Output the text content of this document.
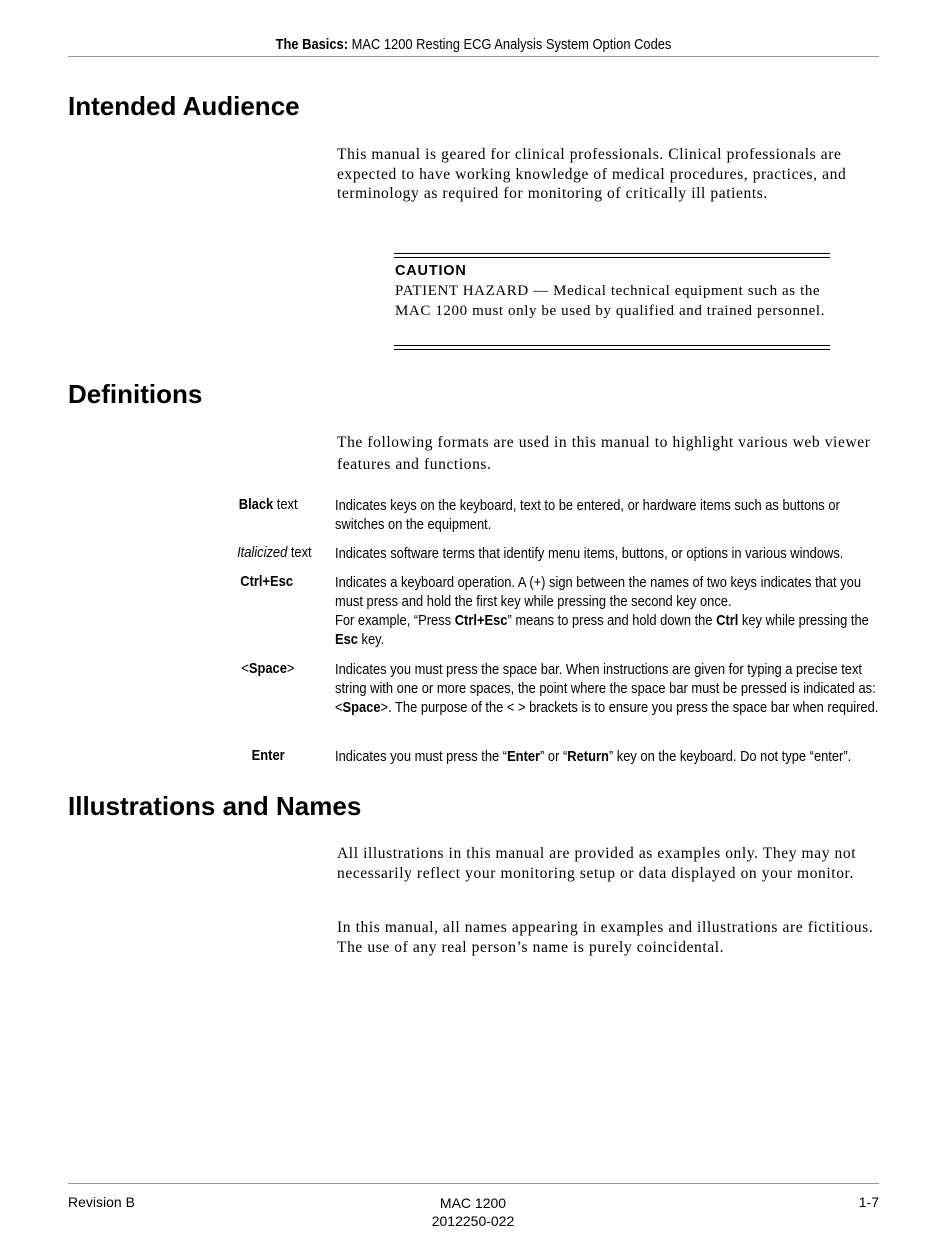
The Basics: MAC 1200 Resting ECG Analysis System Option Codes
Intended Audience

This manual is geared for clinical professionals. Clinical professionals are expected to have working knowledge of medical procedures, practices, and terminology as required for monitoring of critically ill patients.

CAUTION

PATIENT HAZARD — Medical technical equipment such as the MAC 1200 must only be used by qualified and trained personnel.

Definitions

The following formats are used in this manual to highlight various web viewer features and functions.

Black text	Indicates keys on the keyboard, text to be entered, or hardware items such as buttons or switches on the equipment.
Italicized text	Indicates software terms that identify menu items, buttons, or options in various windows.
Ctrl+Esc	Indicates a keyboard operation. A (+) sign between the names of two keys indicates that you must press and hold the first key while pressing the second key once.
For example, “Press Ctrl+Esc” means to press and hold down the Ctrl key while pressing the Esc key.
<Space>	Indicates you must press the space bar. When instructions are given for typing a precise text string with one or more spaces, the point where the space bar must be pressed is indicated as: <Space>. The purpose of the < > brackets is to ensure you press the space bar when required.
Enter	Indicates you must press the “Enter” or “Return” key on the keyboard. Do not type “enter”.
Illustrations and Names

All illustrations in this manual are provided as examples only. They may not necessarily reflect your monitoring setup or data displayed on your monitor.

In this manual, all names appearing in examples and illustrations are fictitious. The use of any real person’s name is purely coincidental.

Revision B	MAC 1200
2012250-022
1-7
